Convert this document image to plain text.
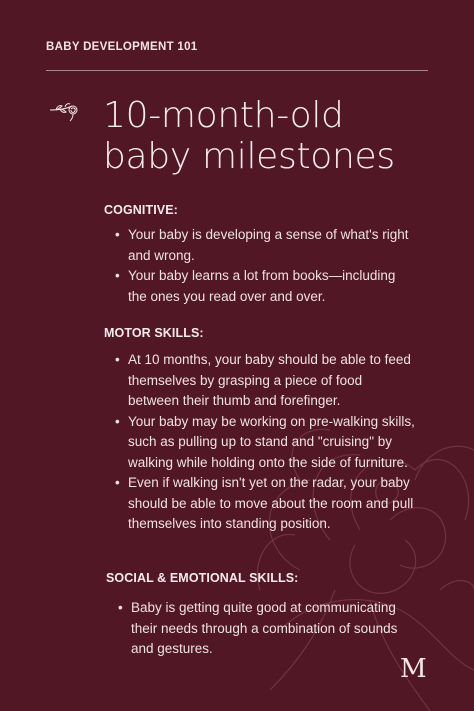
BABY DEVELOPMENT 101
10-month-old
baby milestones
COGNITIVE:
• Your baby is developing a sense of what's right and wrong.
• Your baby learns a lot from books—including the ones you read over and over.
MOTOR SKILLS:
• At 10 months, your baby should be able to feed themselves by grasping a piece of food between their thumb and forefinger.
• Your baby may be working on pre-walking skills, such as pulling up to stand and "cruising" by walking while holding onto the side of furniture.
• Even if walking isn't yet on the radar, your baby should be able to move about the room and pull themselves into standing position.
SOCIAL & EMOTIONAL SKILLS:
• Baby is getting quite good at communicating their needs through a combination of sounds and gestures.
M
